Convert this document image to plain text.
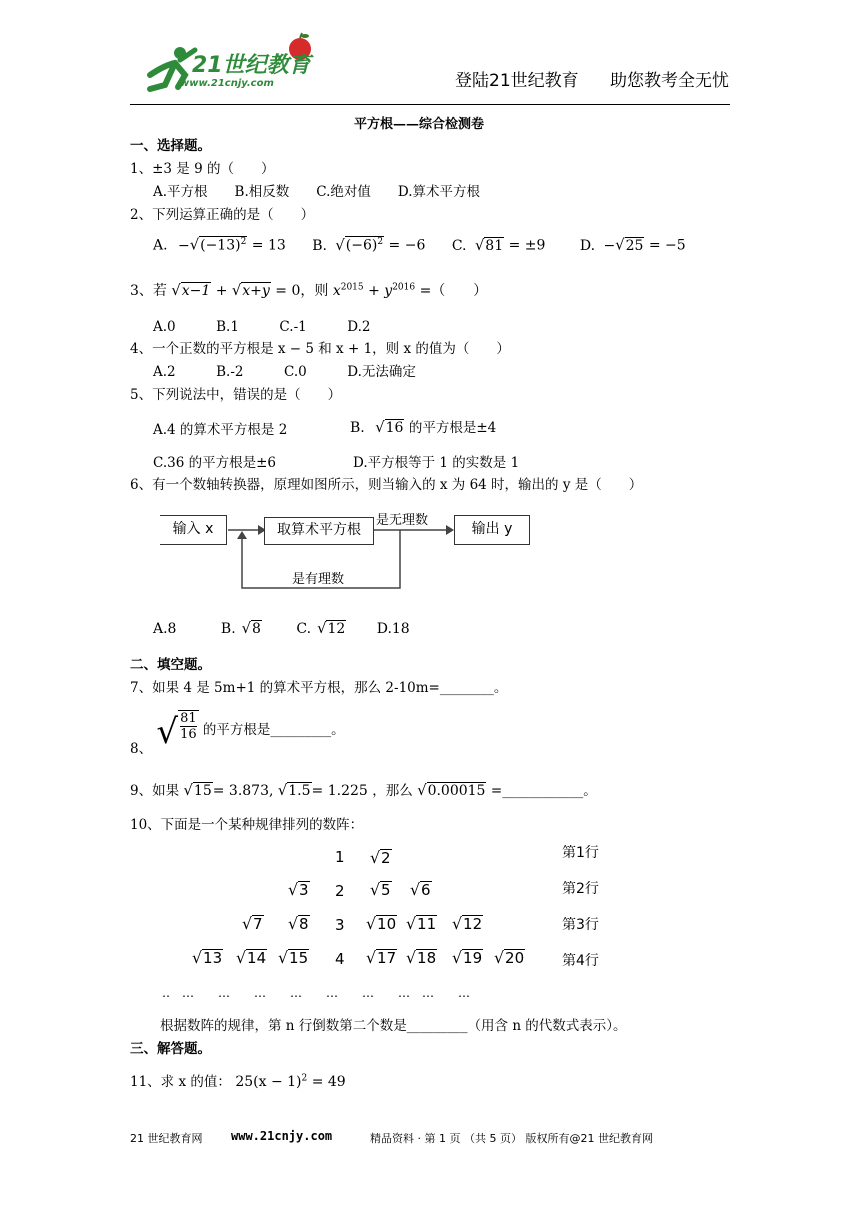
21世纪教育
www.21cnjy.com	登陆21世纪教育 助您教考全无忧
平方根——综合检测卷
一、选择题。
1、±3 是 9 的（　　）
A.平方根　　B.相反数　　C.绝对值　　D.算术平方根
2、下列运算正确的是（　　）
A. $-√(-13)^2 = 13$ B. $√(-6)^2 = -6$ C. √81 = ±9 D. −√25 = −5
3、若 √x−1 + √x+y = 0，则 $x^{2015} + y^{2016}$ =（　　）
A.0　　　B.1　　　C.-1　　　D.2
4、一个正数的平方根是 x − 5 和 x + 1，则 x 的值为（　　）
A.2　　　B.-2　　　C.0　　　D.无法确定
5、下列说法中，错误的是（　　）
A.4 的算术平方根是 2	B. √16 的平方根是±4
C.36 的平方根是±6	D.平方根等于 1 的实数是 1
6、有一个数轴转换器，原理如图所示，则当输入的 x 为 64 时，输出的 y 是（　　）
输入 x	取算术平方根	输出 y
是无理数
是有理数
A.8	B. √8	C. √12 D.18
二、填空题。
7、如果 4 是 5m+1 的算术平方根，那么 2-10m=________。
8、 √ $\frac{81}{16}$ 的平方根是_________。
9、如果 √15= 3.873, √1.5= 1.225 ，那么 √0.00015 =____________。
10、下面是一个某种规律排列的数阵：
1 √2	第1行
√3 2 √5 √6	第2行
√7 √8 3 √10 √11 √12	第3行
√13 √14 √15 4 √17 √18 √19 √20	第4行
‥　…　　…　　…　　…　　…　　…　　…　…　　…
根据数阵的规律，第 n 行倒数第二个数是_________（用含 n 的代数式表示）。
三、解答题。
11、求 x 的值： $25(x - 1)^2 = 49$
21 世纪教育网 www.21cnjy.com	精品资料 · 第 1 页 （共 5 页） 版权所有@21 世纪教育网
